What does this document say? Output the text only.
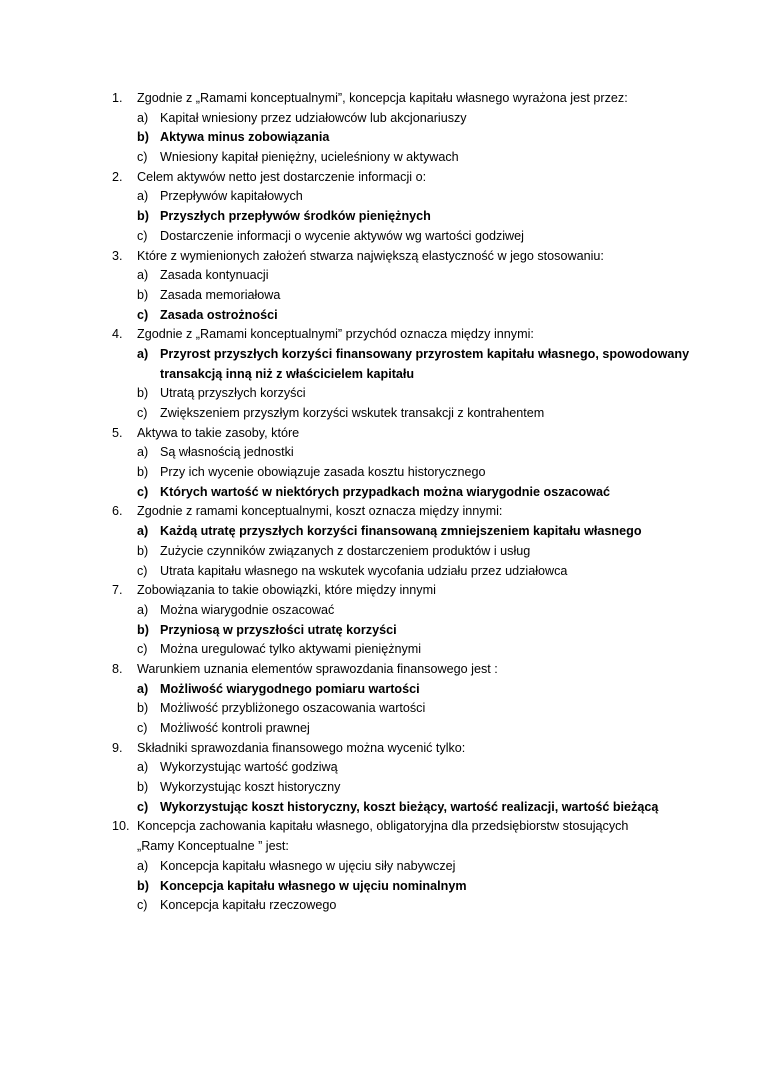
1.	Zgodnie z „Ramami konceptualnymi”, koncepcja kapitału własnego wyrażona jest przez:
a) Kapitał wniesiony przez udziałowców lub akcjonariuszy
b) Aktywa minus zobowiązania
c) Wniesiony kapitał pieniężny, ucieleśniony w aktywach
2.	Celem aktywów netto jest dostarczenie informacji o:
a) Przepływów kapitałowych
b) Przyszłych przepływów środków pieniężnych
c) Dostarczenie informacji o wycenie aktywów wg wartości godziwej
3.	Które z wymienionych założeń stwarza największą elastyczność w jego stosowaniu:
a) Zasada kontynuacji
b) Zasada memoriałowa
c) Zasada ostrożności
4.	Zgodnie z „Ramami konceptualnymi” przychód oznacza między innymi:
a) Przyrost przyszłych korzyści finansowany przyrostem kapitału własnego, spowodowany
transakcją inną niż z właścicielem kapitału
b) Utratą przyszłych korzyści
c) Zwiększeniem przyszłym korzyści wskutek transakcji z kontrahentem
5.	Aktywa to takie zasoby, które
a) Są własnością jednostki
b) Przy ich wycenie obowiązuje zasada kosztu historycznego
c) Których wartość w niektórych przypadkach można wiarygodnie oszacować
6.	Zgodnie z ramami konceptualnymi, koszt oznacza między innymi:
a) Każdą utratę przyszłych korzyści finansowaną zmniejszeniem kapitału własnego
b) Zużycie czynników związanych z dostarczeniem produktów i usług
c) Utrata kapitału własnego na wskutek wycofania udziału przez udziałowca
7.	Zobowiązania to takie obowiązki, które między innymi
a) Można wiarygodnie oszacować
b) Przyniosą w przyszłości utratę korzyści
c) Można uregulować tylko aktywami pieniężnymi
8.	Warunkiem uznania elementów sprawozdania finansowego jest :
a) Możliwość wiarygodnego pomiaru wartości
b) Możliwość przybliżonego oszacowania wartości
c) Możliwość kontroli prawnej
9.	Składniki sprawozdania finansowego można wycenić tylko:
a) Wykorzystując wartość godziwą
b) Wykorzystując koszt historyczny
c) Wykorzystując koszt historyczny, koszt bieżący, wartość realizacji, wartość bieżącą
10. Koncepcja zachowania kapitału własnego, obligatoryjna dla przedsiębiorstw stosujących
„Ramy Konceptualne ” jest:
a) Koncepcja kapitału własnego w ujęciu siły nabywczej
b) Koncepcja kapitału własnego w ujęciu nominalnym
c) Koncepcja kapitału rzeczowego
